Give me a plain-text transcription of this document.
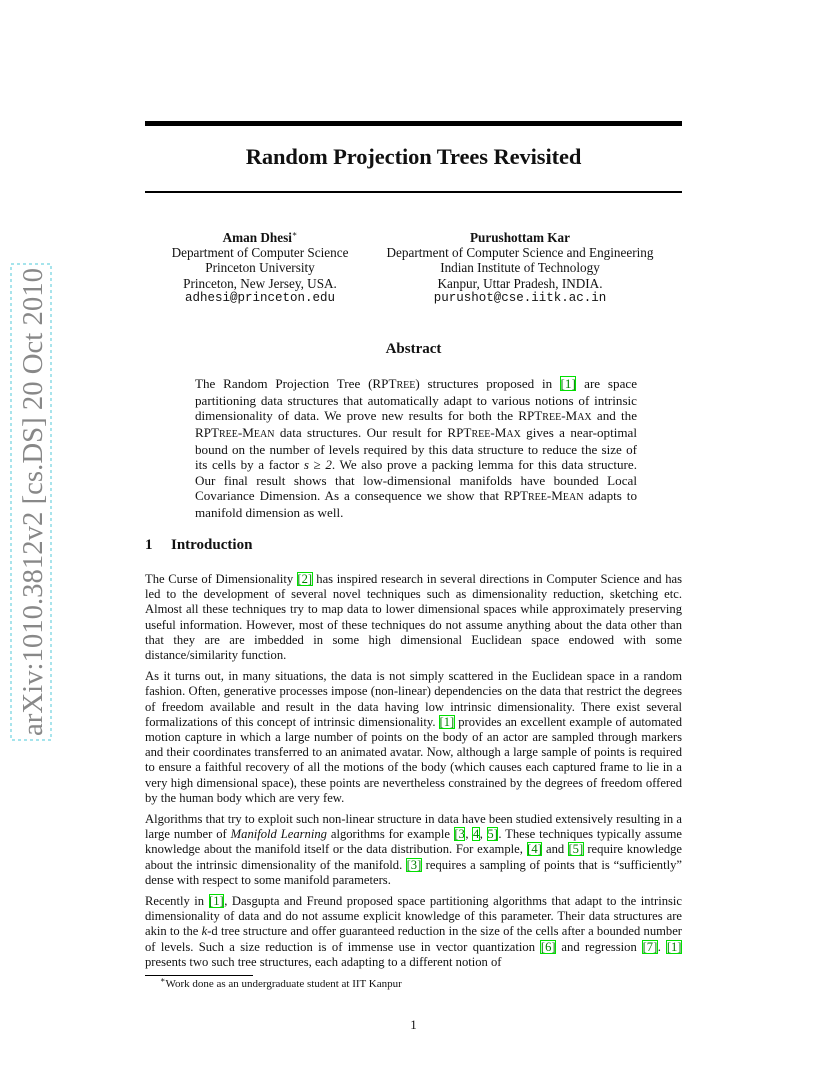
arXiv:1010.3812v2 [cs.DS] 20 Oct 2010
Random Projection Trees Revisited
Aman Dhesi∗
Department of Computer Science
Princeton University
Princeton, New Jersey, USA.
adhesi@princeton.edu
Purushottam Kar
Department of Computer Science and Engineering
Indian Institute of Technology
Kanpur, Uttar Pradesh, INDIA.
purushot@cse.iitk.ac.in
Abstract
The Random Projection Tree (RPTREE) structures proposed in [1] are space partitioning data structures that automatically adapt to various notions of intrinsic dimensionality of data. We prove new results for both the RPTREE-MAX and the RPTREE-MEAN data structures. Our result for RPTREE-MAX gives a near-optimal bound on the number of levels required by this data structure to reduce the size of its cells by a factor s ≥ 2. We also prove a packing lemma for this data structure. Our final result shows that low-dimensional manifolds have bounded Local Covariance Dimension. As a consequence we show that RPTREE-MEAN adapts to manifold dimension as well.
1 Introduction

The Curse of Dimensionality [2] has inspired research in several directions in Computer Science and has led to the development of several novel techniques such as dimensionality reduction, sketching etc. Almost all these techniques try to map data to lower dimensional spaces while approximately preserving useful information. However, most of these techniques do not assume anything about the data other than that they are are imbedded in some high dimensional Euclidean space endowed with some distance/similarity function.

As it turns out, in many situations, the data is not simply scattered in the Euclidean space in a random fashion. Often, generative processes impose (non-linear) dependencies on the data that restrict the degrees of freedom available and result in the data having low intrinsic dimensionality. There exist several formalizations of this concept of intrinsic dimensionality. [1] provides an excellent example of automated motion capture in which a large number of points on the body of an actor are sampled through markers and their coordinates transferred to an animated avatar. Now, although a large sample of points is required to ensure a faithful recovery of all the motions of the body (which causes each captured frame to lie in a very high dimensional space), these points are nevertheless constrained by the degrees of freedom offered by the human body which are very few.

Algorithms that try to exploit such non-linear structure in data have been studied extensively resulting in a large number of Manifold Learning algorithms for example [3, 4, 5]. These techniques typically assume knowledge about the manifold itself or the data distribution. For example, [4] and [5] require knowledge about the intrinsic dimensionality of the manifold. [3] requires a sampling of points that is “sufficiently” dense with respect to some manifold parameters.

Recently in [1], Dasgupta and Freund proposed space partitioning algorithms that adapt to the intrinsic dimensionality of data and do not assume explicit knowledge of this parameter. Their data structures are akin to the k-d tree structure and offer guaranteed reduction in the size of the cells after a bounded number of levels. Such a size reduction is of immense use in vector quantization [6] and regression [7]. [1] presents two such tree structures, each adapting to a different notion of

∗Work done as an undergraduate student at IIT Kanpur
1
